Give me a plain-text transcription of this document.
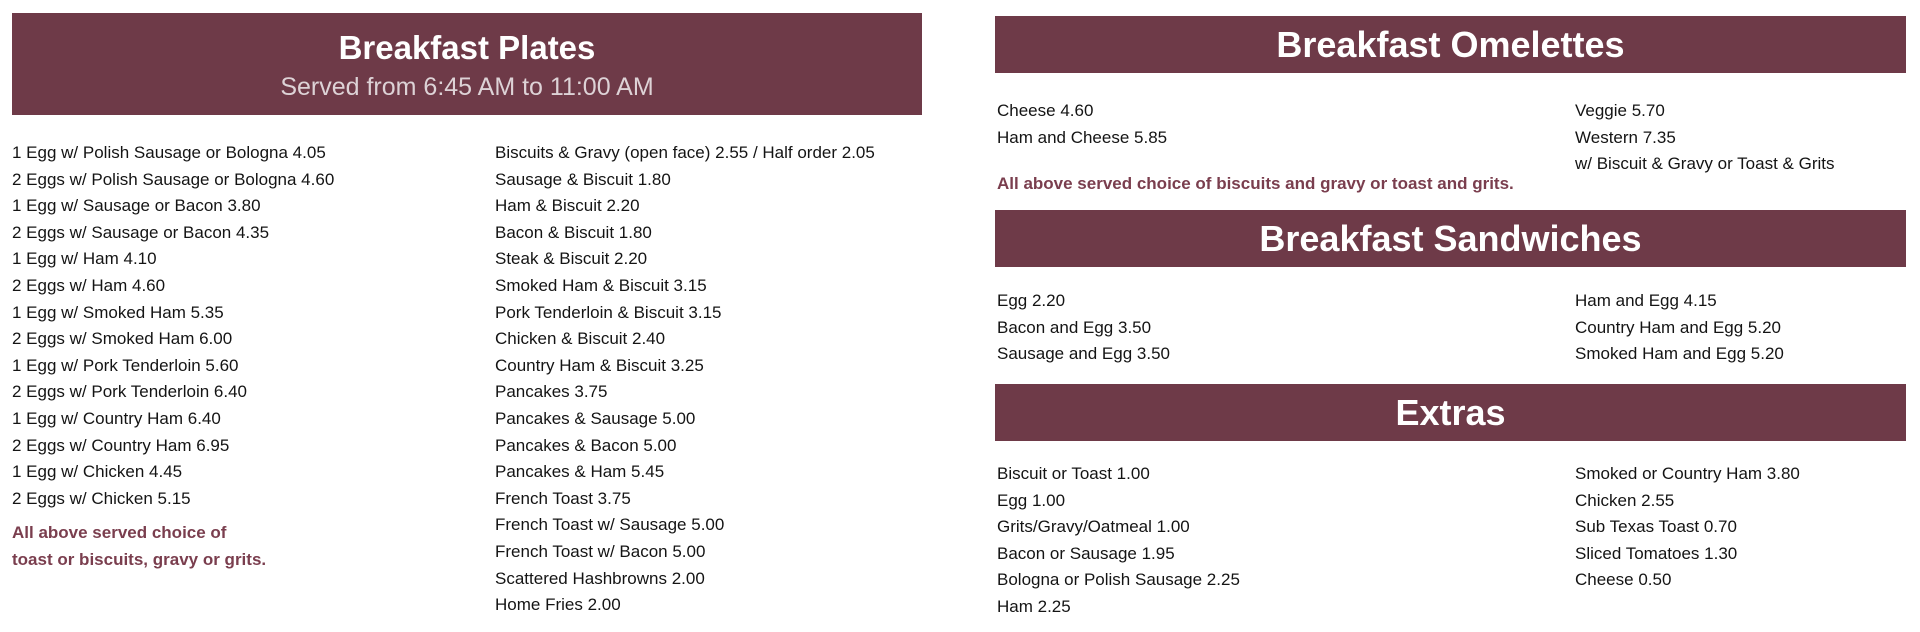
Breakfast Plates
Served from 6:45 AM to 11:00 AM
1 Egg w/ Polish Sausage or Bologna 4.05
2 Eggs w/ Polish Sausage or Bologna 4.60
1 Egg w/ Sausage or Bacon 3.80
2 Eggs w/ Sausage or Bacon 4.35
1 Egg w/ Ham 4.10
2 Eggs w/ Ham 4.60
1 Egg w/ Smoked Ham 5.35
2 Eggs w/ Smoked Ham 6.00
1 Egg w/ Pork Tenderloin 5.60
2 Eggs w/ Pork Tenderloin 6.40
1 Egg w/ Country Ham 6.40
2 Eggs w/ Country Ham 6.95
1 Egg w/ Chicken 4.45
2 Eggs w/ Chicken 5.15
Biscuits & Gravy (open face) 2.55 / Half order 2.05
Sausage & Biscuit 1.80
Ham & Biscuit 2.20
Bacon & Biscuit 1.80
Steak & Biscuit 2.20
Smoked Ham & Biscuit 3.15
Pork Tenderloin & Biscuit 3.15
Chicken & Biscuit 2.40
Country Ham & Biscuit 3.25
Pancakes 3.75
Pancakes & Sausage 5.00
Pancakes & Bacon 5.00
Pancakes & Ham 5.45
French Toast 3.75
French Toast w/ Sausage 5.00
French Toast w/ Bacon 5.00
Scattered Hashbrowns 2.00
Home Fries 2.00
All above served choice of
toast or biscuits, gravy or grits.
Breakfast Omelettes
Cheese 4.60
Ham and Cheese 5.85
Veggie 5.70
Western 7.35
w/ Biscuit & Gravy or Toast & Grits
All above served choice of biscuits and gravy or toast and grits.
Breakfast Sandwiches
Egg 2.20
Bacon and Egg 3.50
Sausage and Egg 3.50
Ham and Egg 4.15
Country Ham and Egg 5.20
Smoked Ham and Egg 5.20
Extras
Biscuit or Toast 1.00
Egg 1.00
Grits/Gravy/Oatmeal 1.00
Bacon or Sausage 1.95
Bologna or Polish Sausage 2.25
Ham 2.25
Smoked or Country Ham 3.80
Chicken 2.55
Sub Texas Toast 0.70
Sliced Tomatoes 1.30
Cheese 0.50
